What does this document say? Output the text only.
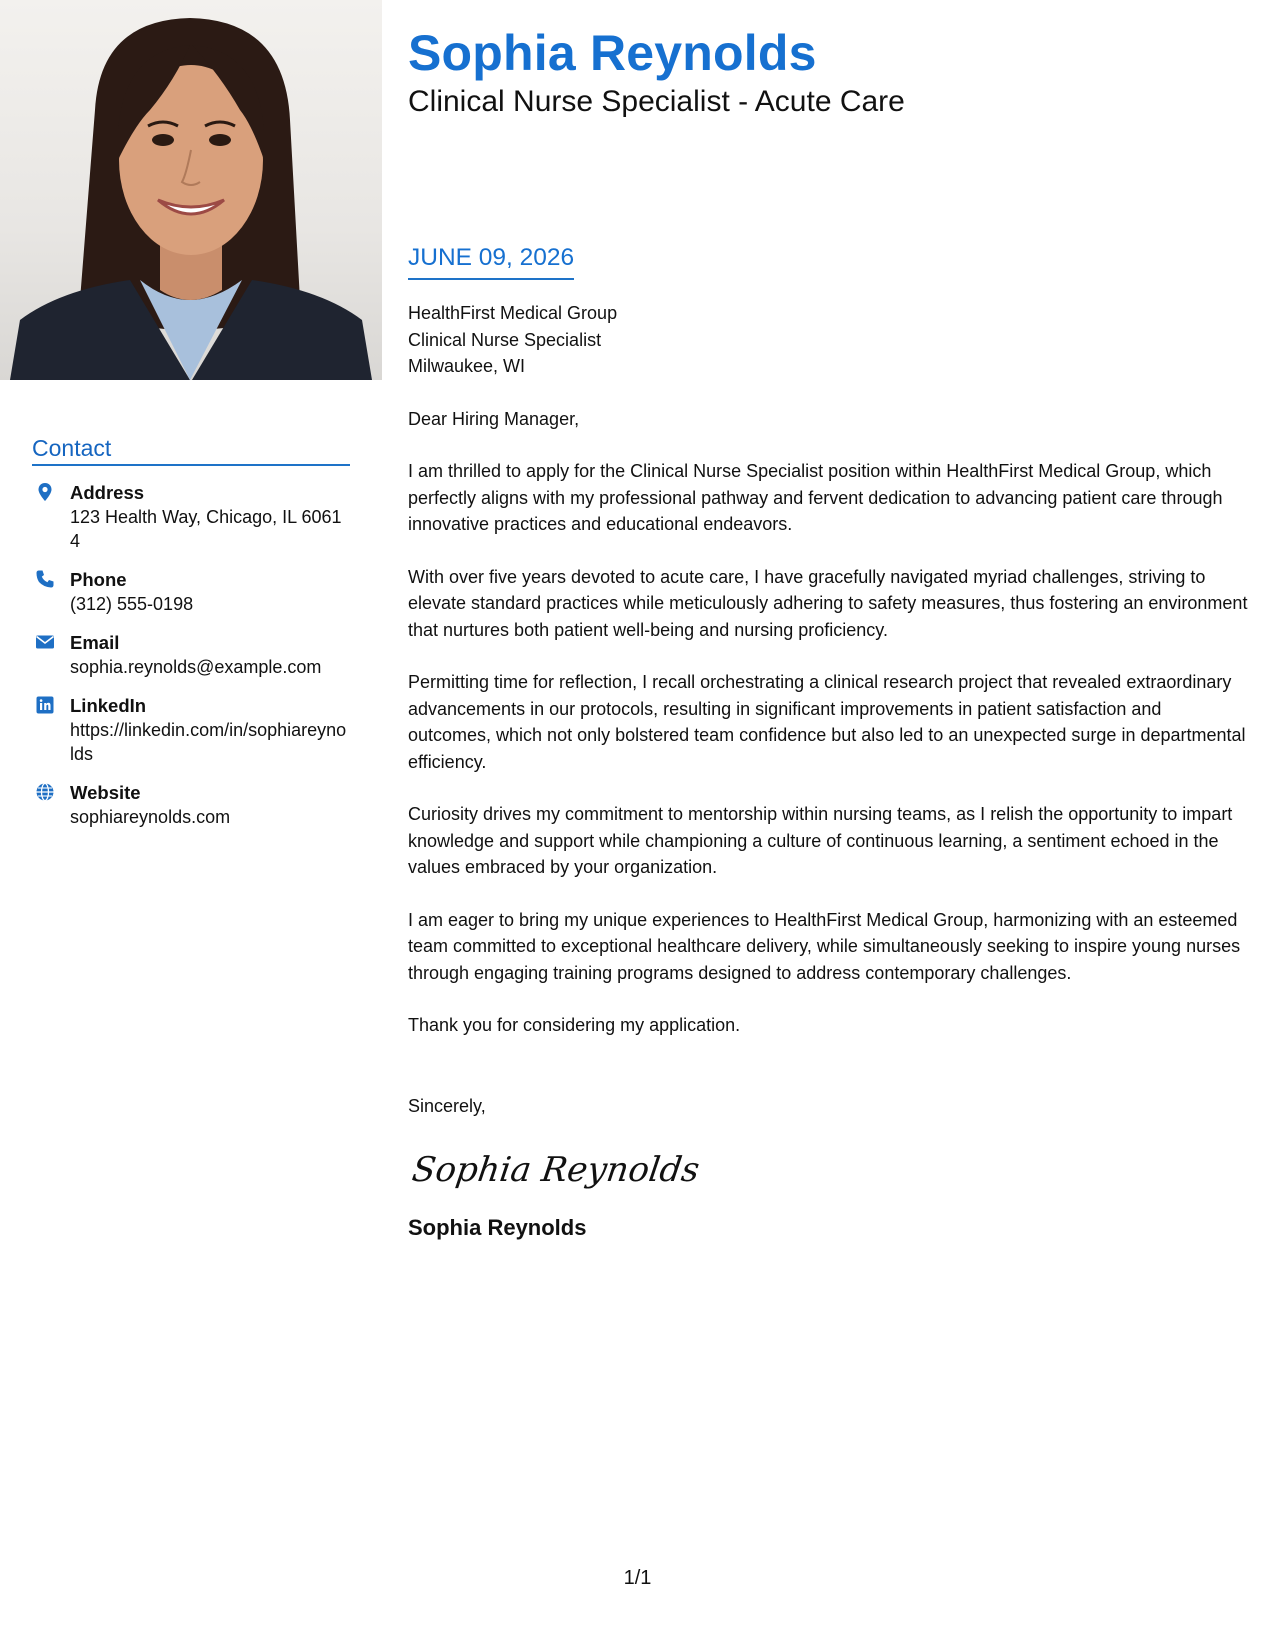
Contact
Address
123 Health Way, Chicago, IL 60614
Phone
(312) 555-0198
Email
sophia.reynolds@example.com
LinkedIn
https://linkedin.com/in/sophiareynolds
Website
sophiareynolds.com
Sophia Reynolds
Clinical Nurse Specialist - Acute Care
JUNE 09, 2026
HealthFirst Medical Group
Clinical Nurse Specialist
Milwaukee, WI
Dear Hiring Manager,

I am thrilled to apply for the Clinical Nurse Specialist position within HealthFirst Medical Group, which perfectly aligns with my professional pathway and fervent dedication to advancing patient care through innovative practices and educational endeavors.

With over five years devoted to acute care, I have gracefully navigated myriad challenges, striving to elevate standard practices while meticulously adhering to safety measures, thus fostering an environment that nurtures both patient well-being and nursing proficiency.

Permitting time for reflection, I recall orchestrating a clinical research project that revealed extraordinary advancements in our protocols, resulting in significant improvements in patient satisfaction and outcomes, which not only bolstered team confidence but also led to an unexpected surge in departmental efficiency.

Curiosity drives my commitment to mentorship within nursing teams, as I relish the opportunity to impart knowledge and support while championing a culture of continuous learning, a sentiment echoed in the values embraced by your organization.

I am eager to bring my unique experiences to HealthFirst Medical Group, harmonizing with an esteemed team committed to exceptional healthcare delivery, while simultaneously seeking to inspire young nurses through engaging training programs designed to address contemporary challenges.

Thank you for considering my application.

Sincerely,
Sophia Reynolds
Sophia Reynolds
1/1
